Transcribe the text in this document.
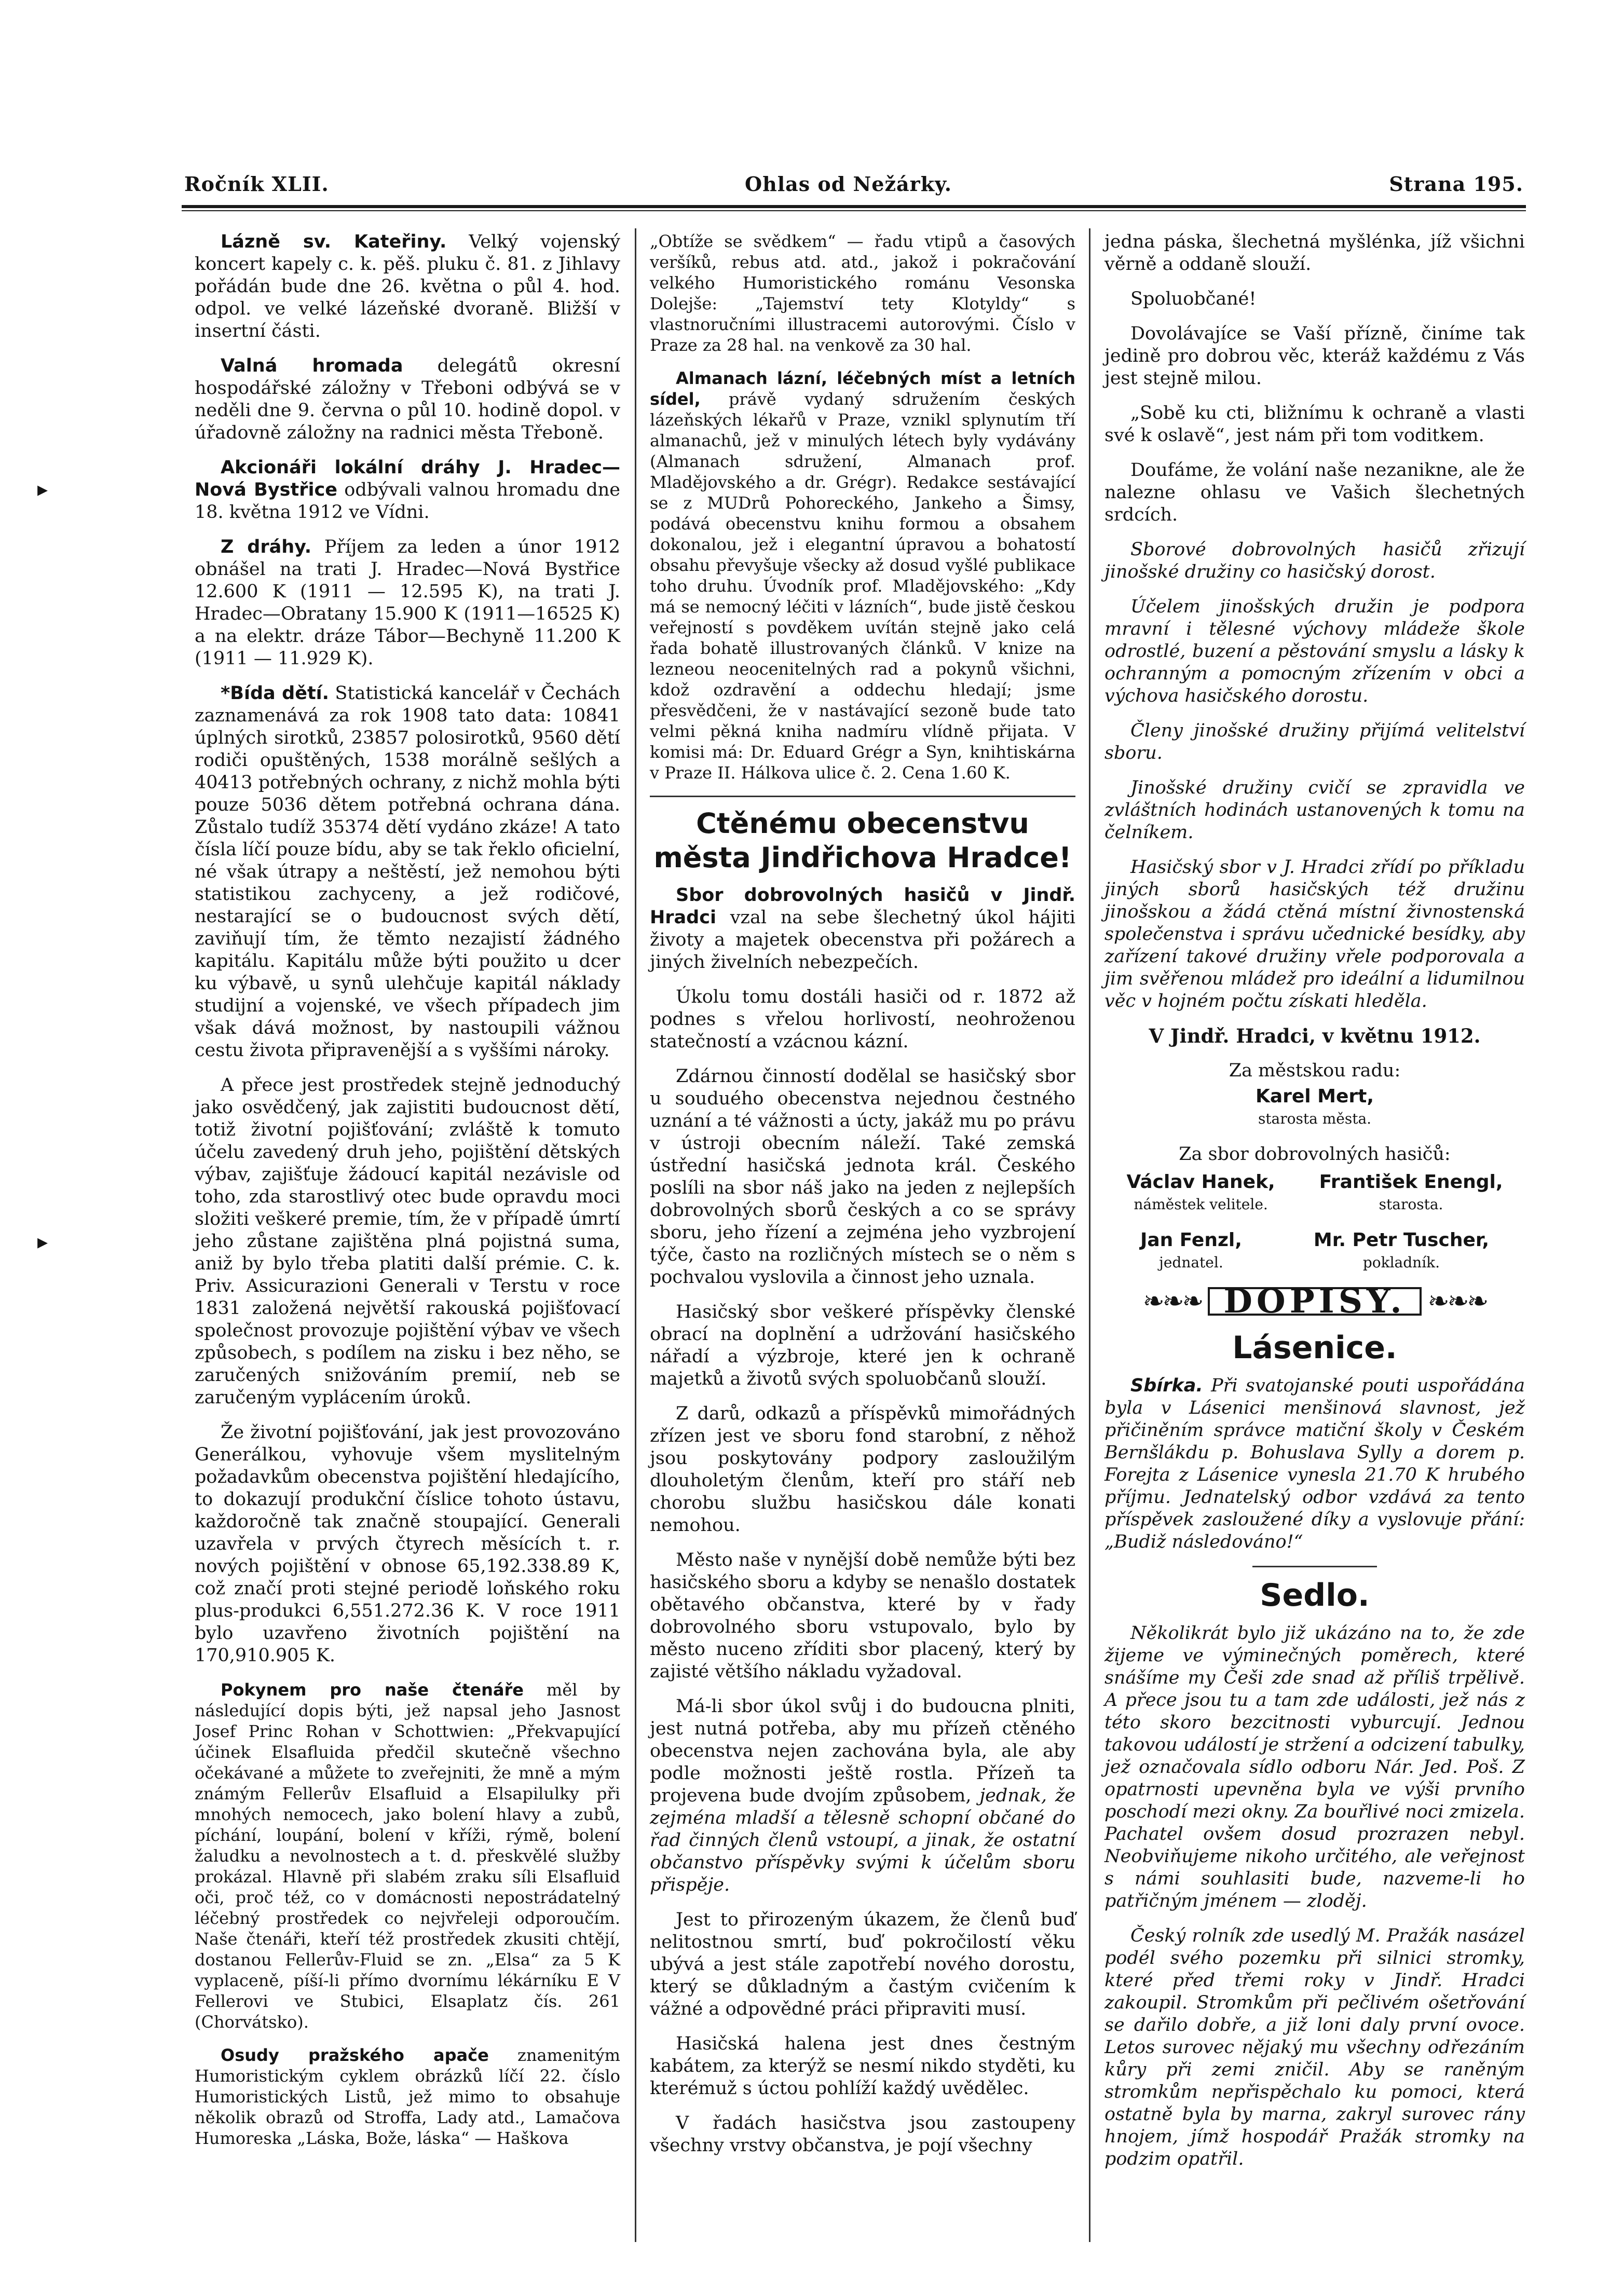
Ročník XLII.	Ohlas od Nežárky.	Strana 195.
▸
▸

Lázně sv. Kateřiny. Velký vojenský koncert kapely c. k. pěš. pluku č. 81. z Jihlavy pořádán bude dne 26. května o půl 4. hod. odpol. ve velké lázeňské dvoraně. Bližší v insertní části.

Valná hromada delegátů okresní hospodářské záložny v Třeboni odbývá se v neděli dne 9. června o půl 10. hodině dopol. v úřadovně záložny na radnici města Třeboně.

Akcionáři lokální dráhy J. Hradec—Nová Bystřice odbývali valnou hromadu dne 18. května 1912 ve Vídni.

Z dráhy. Příjem za leden a únor 1912 obnášel na trati J. Hradec—Nová Bystřice 12.600 K (1911 — 12.595 K), na trati J. Hradec—Obratany 15.900 K (1911—16525 K) a na elektr. dráze Tábor—Bechyně 11.200 K (1911 — 11.929 K).

*Bída dětí. Statistická kancelář v Čechách zaznamenává za rok 1908 tato data: 10841 úplných sirotků, 23857 polosirotků, 9560 dětí rodiči opuštěných, 1538 morálně sešlých a 40413 potřebných ochrany, z nichž mohla býti pouze 5036 dětem potřebná ochrana dána. Zůstalo tudíž 35374 dětí vydáno zkáze! A tato čísla líčí pouze bídu, aby se tak řeklo oficielní, né však útrapy a neštěstí, jež nemohou býti statistikou zachyceny, a jež rodičové, nestarající se o budoucnost svých dětí, zaviňují tím, že těmto nezajistí žádného kapitálu. Kapitálu může býti použito u dcer ku výbavě, u synů ulehčuje kapitál náklady studijní a vojenské, ve všech případech jim však dává možnost, by nastoupili vážnou cestu života připravenější a s vyššími nároky.

A přece jest prostředek stejně jednoduchý jako osvědčený, jak zajistiti budoucnost dětí, totiž životní pojišťování; zvláště k tomuto účelu zavedený druh jeho, pojištění dětských výbav, zajišťuje žádoucí kapitál nezávisle od toho, zda starostlivý otec bude opravdu moci složiti veškeré premie, tím, že v případě úmrtí jeho zůstane zajištěna plná pojistná suma, aniž by bylo třeba platiti další prémie. C. k. Priv. Assicurazioni Generali v Terstu v roce 1831 založená největší rakouská pojišťovací společnost provozuje pojištění výbav ve všech způsobech, s podílem na zisku i bez něho, se zaručených snižováním premií, neb se zaručeným vyplácením úroků.

Že životní pojišťování, jak jest provozováno Generálkou, vyhovuje všem myslitelným požadavkům obecenstva pojištění hledajícího, to dokazují produkční číslice tohoto ústavu, každoročně tak značně stoupající. Generali uzavřela v prvých čtyrech měsících t. r. nových pojištění v obnose 65,192.338.89 K, což značí proti stejné periodě loňského roku plus-produkci 6,551.272.36 K. V roce 1911 bylo uzavřeno životních pojištění na 170,910.905 K.

Pokynem pro naše čtenáře měl by následující dopis býti, jež napsal jeho Jasnost Josef Princ Rohan v Schottwien: „Překvapující účinek Elsafluida předčil skutečně všechno očekávané a můžete to zveřejniti, že mně a mým známým Fellerův Elsafluid a Elsapilulky při mnohých nemocech, jako bolení hlavy a zubů, píchání, loupání, bolení v kříži, rýmě, bolení žaludku a nevolnostech a t. d. přeskvělé služby prokázal. Hlavně při slabém zraku síli Elsafluid oči, proč též, co v domácnosti nepostrádatelný léčebný prostředek co nejvřeleji odporoučím. Naše čtenáři, kteří též prostředek zkusiti chtějí, dostanou Fellerův-Fluid se zn. „Elsa“ za 5 K vyplaceně, píší-li přímo dvornímu lékárníku E V Fellerovi ve Stubici, Elsaplatz čís. 261 (Chorvátsko).

Osudy pražského apače znamenitým Humoristickým cyklem obrázků líčí 22. číslo Humoristických Listů, jež mimo to obsahuje několik obrazů od Stroffa, Lady atd., Lamačova Humoreska „Láska, Bože, láska“ — Haškova

„Obtíže se svědkem“ — řadu vtipů a časových veršíků, rebus atd. atd., jakož i pokračování velkého Humoristického románu Vesonska Dolejše: „Tajemství tety Klotyldy“ s vlastnoručními illustracemi autorovými. Číslo v Praze za 28 hal. na venkově za 30 hal.

Almanach lázní, léčebných míst a letních sídel, právě vydaný sdružením českých lázeňských lékařů v Praze, vznikl splynutím tří almanachů, jež v minulých létech byly vydávány (Almanach sdružení, Almanach prof. Mladějovského a dr. Grégr). Redakce sestávající se z MUDrů Pohoreckého, Jankeho a Šimsy, podává obecenstvu knihu formou a obsahem dokonalou, jež i elegantní úpravou a bohatostí obsahu převyšuje všecky až dosud vyšlé publikace toho druhu. Úvodník prof. Mladějovského: „Kdy má se nemocný léčiti v lázních“, bude jistě českou veřejností s povděkem uvítán stejně jako celá řada bohatě illustrovaných článků. V knize na lezneou neocenitelných rad a pokynů všichni, kdož ozdravění a oddechu hledají; jsme přesvědčeni, že v nastávající sezoně bude tato velmi pěkná kniha nadmíru vlídně přijata. V komisi má: Dr. Eduard Grégr a Syn, knihtiskárna v Praze II. Hálkova ulice č. 2. Cena 1.60 K.

Ctěnému obecenstvu města Jindřichova Hradce!

Sbor dobrovolných hasičů v Jindř. Hradci vzal na sebe šlechetný úkol hájiti životy a majetek obecenstva při požárech a jiných živelních nebezpečích.

Úkolu tomu dostáli hasiči od r. 1872 až podnes s vřelou horlivostí, neohroženou statečností a vzácnou kázní.

Zdárnou činností dodělal se hasičský sbor u souduého obecenstva nejednou čestného uznání a té vážnosti a úcty, jakáž mu po právu v ústroji obecním náleží. Také zemská ústřední hasičská jednota král. Českého poslíli na sbor náš jako na jeden z nejlepších dobrovolných sborů českých a co se správy sboru, jeho řízení a zejména jeho vyzbrojení týče, často na rozličných místech se o něm s pochvalou vyslovila a činnost jeho uznala.

Hasičský sbor veškeré příspěvky členské obrací na doplnění a udržování hasičského nářadí a výzbroje, které jen k ochraně majetků a životů svých spoluobčanů slouží.

Z darů, odkazů a příspěvků mimořádných zřízen jest ve sboru fond starobní, z něhož jsou poskytovány podpory zasloužilým dlouholetým členům, kteří pro stáří neb chorobu službu hasičskou dále konati nemohou.

Město naše v nynější době nemůže býti bez hasičského sboru a kdyby se nenašlo dostatek obětavého občanstva, které by v řady dobrovolného sboru vstupovalo, bylo by město nuceno zříditi sbor placený, který by zajisté většího nákladu vyžadoval.

Má-li sbor úkol svůj i do budoucna plniti, jest nutná potřeba, aby mu přízeň ctěného obecenstva nejen zachována byla, ale aby podle možnosti ještě rostla. Přízeň ta projevena bude dvojím způsobem, jednak, že zejména mladší a tělesně schopní občané do řad činných členů vstoupí, a jinak, že ostatní občanstvo příspěvky svými k účelům sboru přispěje.

Jest to přirozeným úkazem, že členů buď nelitostnou smrtí, buď pokročilostí věku ubývá a jest stále zapotřebí nového dorostu, který se důkladným a častým cvičením k vážné a odpovědné práci připraviti musí.

Hasičská halena jest dnes čestným kabátem, za kterýž se nesmí nikdo styděti, ku kterémuž s úctou pohlíží každý uvědělec.

V řadách hasičstva jsou zastoupeny všechny vrstvy občanstva, je pojí všechny

jedna páska, šlechetná myšlénka, jíž všichni věrně a oddaně slouží.

Spoluobčané!

Dovolávajíce se Vaší přízně, činíme tak jedině pro dobrou věc, kteráž každému z Vás jest stejně milou.

„Sobě ku cti, bližnímu k ochraně a vlasti své k oslavě“, jest nám při tom voditkem.

Doufáme, že volání naše nezanikne, ale že nalezne ohlasu ve Vašich šlechetných srdcích.

Sborové dobrovolných hasičů zřizují jinošské družiny co hasičský dorost.

Účelem jinošských družin je podpora mravní i tělesné výchovy mládeže škole odrostlé, buzení a pěstování smyslu a lásky k ochranným a pomocným zřízením v obci a výchova hasičského dorostu.

Členy jinošské družiny přijímá velitelství sboru.

Jinošské družiny cvičí se zpravidla ve zvláštních hodinách ustanovených k tomu na čelníkem.

Hasičský sbor v J. Hradci zřídí po příkladu jiných sborů hasičských též družinu jinošskou a žádá ctěná místní živnostenská společenstva i správu učednické besídky, aby zařízení takové družiny vřele podporovala a jim svěřenou mládež pro ideální a lidumilnou věc v hojném počtu získati hleděla.

V Jindř. Hradci, v květnu 1912.

Za městskou radu:

Karel Mert,
starosta města.

Za sbor dobrovolných hasičů:

Václav Hanek,
náměstek velitele.
František Enengl,
starosta.
Jan Fenzl,
jednatel.
Mr. Petr Tuscher,
pokladník.
❧❧❧ DOPISY. ❧❧❧
Lásenice.

Sbírka. Při svatojanské pouti uspořádána byla v Lásenici menšinová slavnost, jež přičiněním správce matiční školy v Českém Bernšlákdu p. Bohuslava Sylly a dorem p. Forejta z Lásenice vynesla 21.70 K hrubého příjmu. Jednatelský odbor vzdává za tento příspěvek zasloužené díky a vyslovuje přání: „Budiž následováno!“

Sedlo.

Několikrát bylo již ukázáno na to, že zde žijeme ve výminečných poměrech, které snášíme my Češi zde snad až příliš trpělivě. A přece jsou tu a tam zde události, jež nás z této skoro bezcitnosti vyburcují. Jednou takovou událostí je stržení a odcizení tabulky, jež označovala sídlo odboru Nár. Jed. Poš. Z opatrnosti upevněna byla ve výši prvního poschodí mezi okny. Za bouřlivé noci zmizela. Pachatel ovšem dosud prozrazen nebyl. Neobviňujeme nikoho určitého, ale veřejnost s námi souhlasiti bude, nazveme-li ho patřičným jménem — zloděj.

Český rolník zde usedlý M. Pražák nasázel podél svého pozemku při silnici stromky, které před třemi roky v Jindř. Hradci zakoupil. Stromkům při pečlivém ošetřování se dařilo dobře, a již loni daly první ovoce. Letos surovec nějaký mu všechny odřezáním kůry při zemi zničil. Aby se raněným stromkům nepřispěchalo ku pomoci, která ostatně byla by marna, zakryl surovec rány hnojem, jímž hospodář Pražák stromky na podzim opatřil.
